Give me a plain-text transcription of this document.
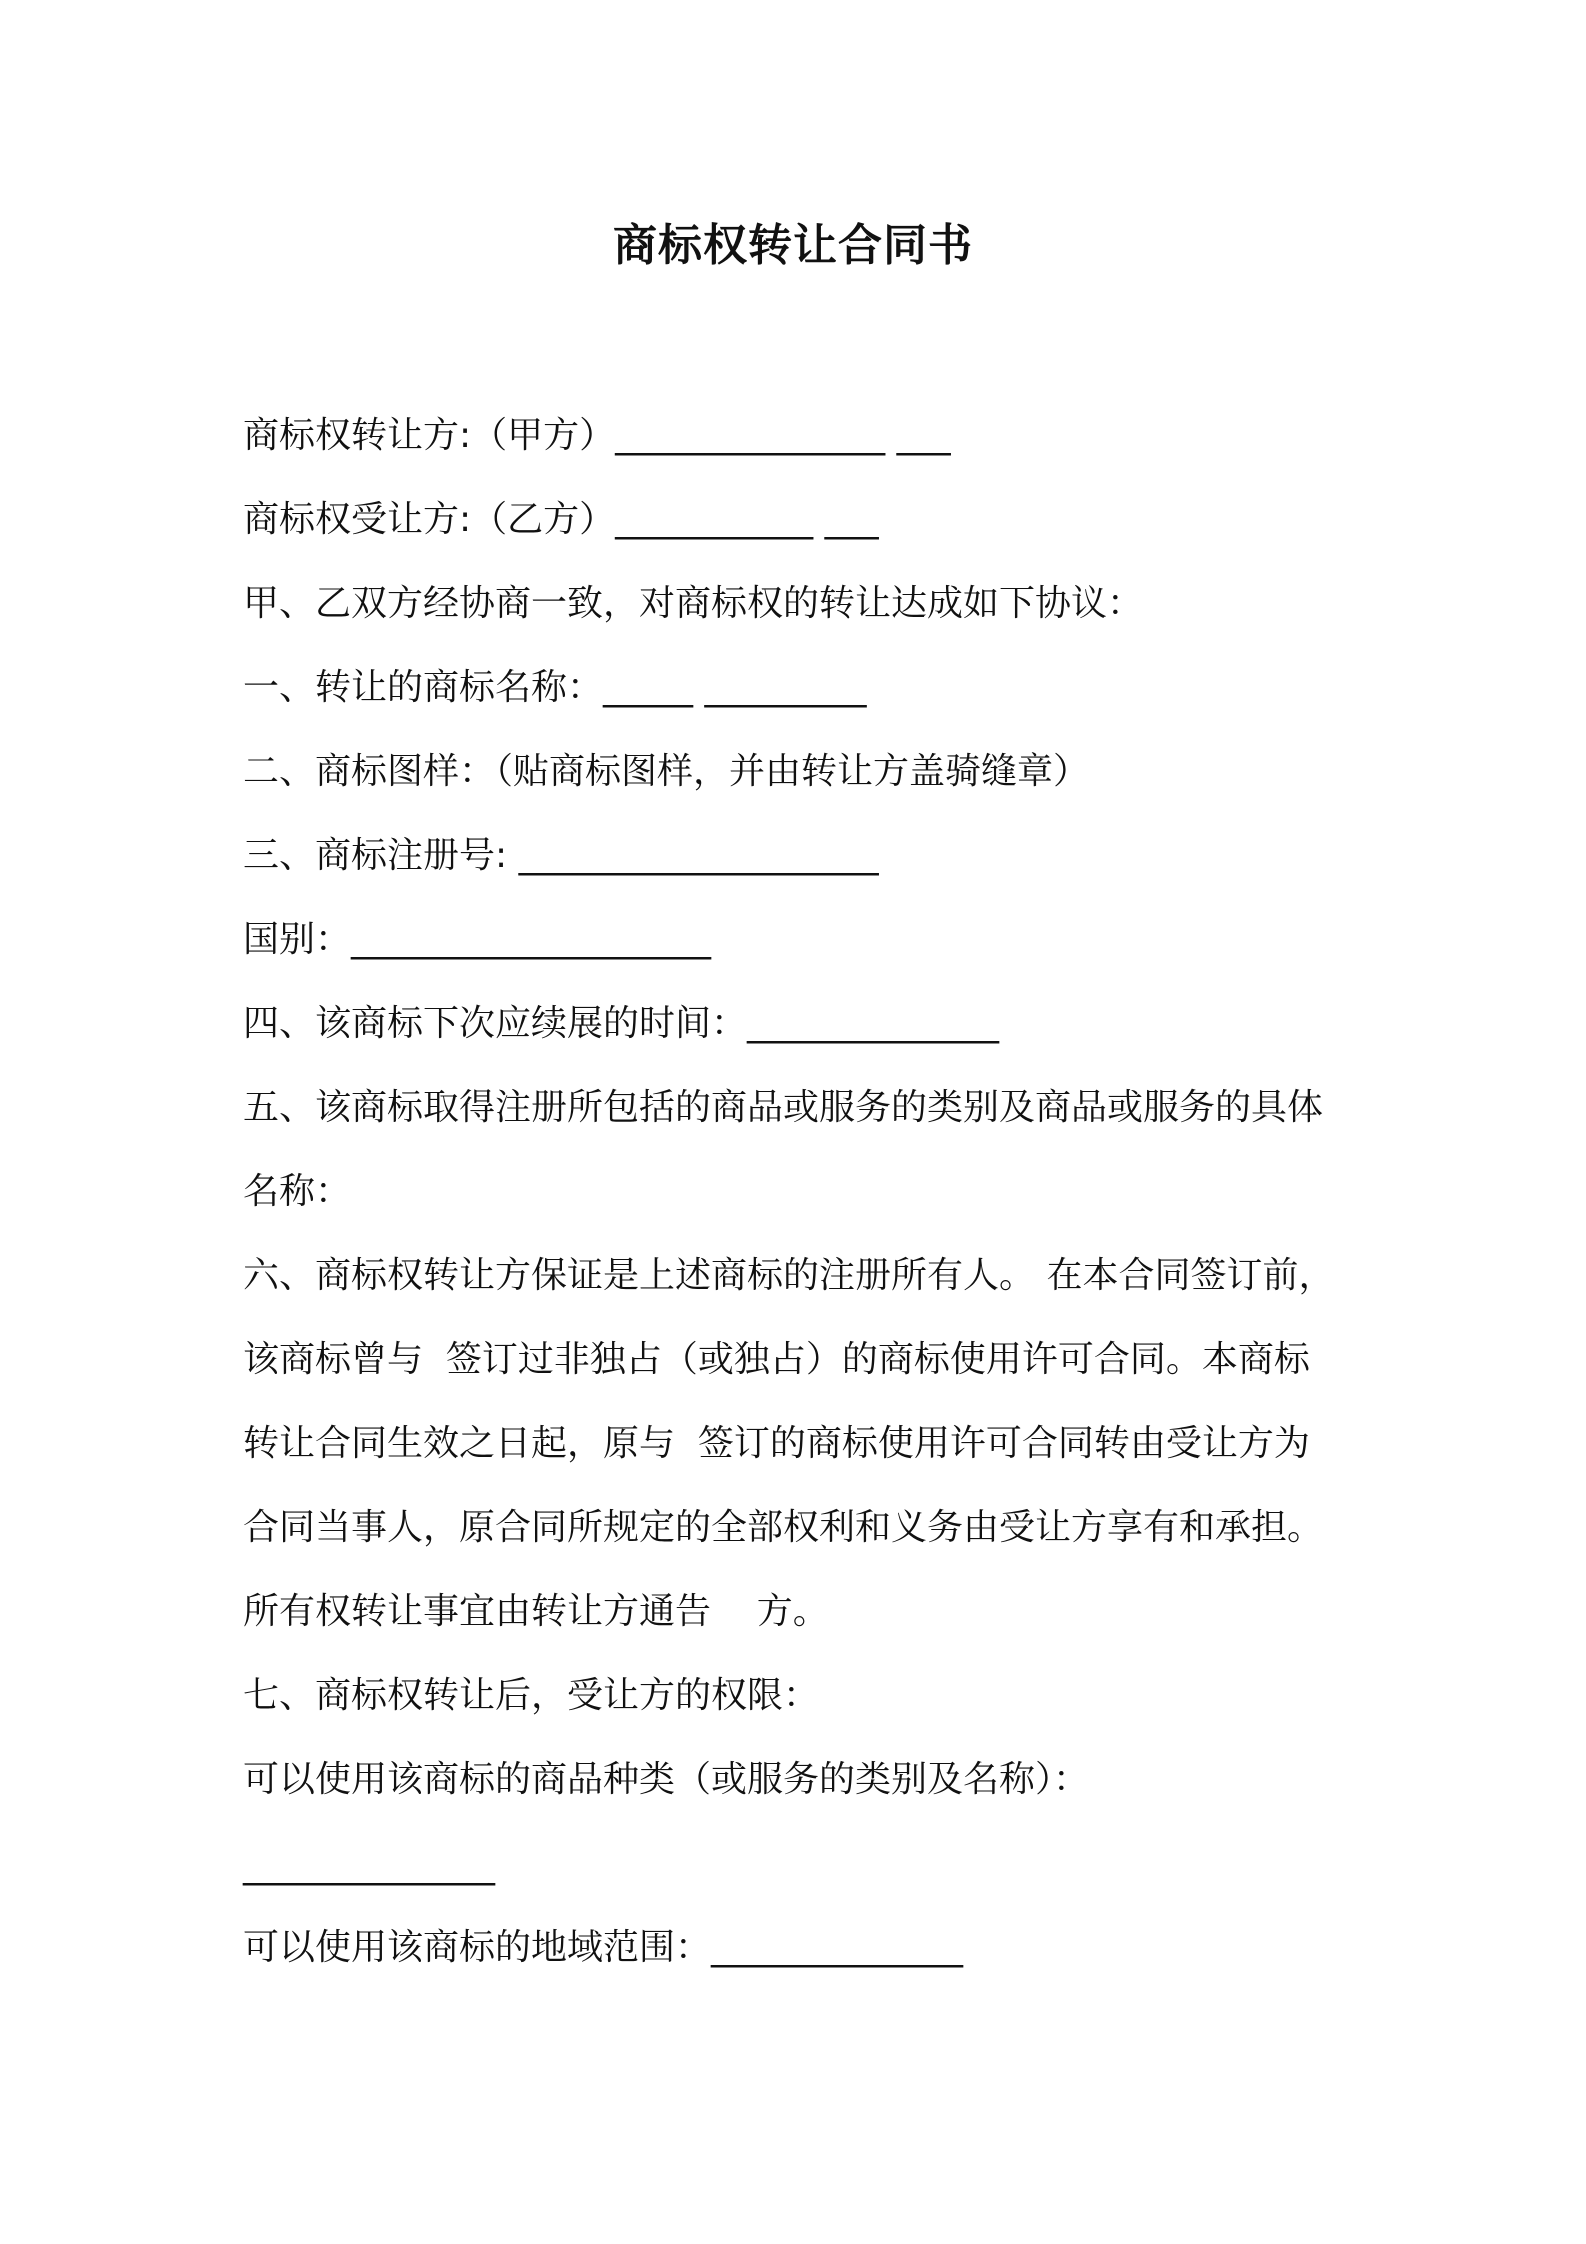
商标权转让合同书
商标权转让方:（甲方）_______________ ___
商标权受让方:（乙方）___________ ___
甲、乙双方经协商一致，对商标权的转让达成如下协议：
一、转让的商标名称：_____ _________
二、商标图样：（贴商标图样，并由转让方盖骑缝章）
三、商标注册号: ____________________
国别：____________________
四、该商标下次应续展的时间：______________
五、该商标取得注册所包括的商品或服务的类别及商品或服务的具体
名称：
六、商标权转让方保证是上述商标的注册所有人。 在本合同签订前，
该商标曾与  签订过非独占（或独占）的商标使用许可合同。本商标
转让合同生效之日起，原与  签订的商标使用许可合同转由受让方为
合同当事人，原合同所规定的全部权利和义务由受让方享有和承担。
所有权转让事宜由转让方通告    方。
七、商标权转让后，受让方的权限：
可以使用该商标的商品种类（或服务的类别及名称）：
______________
可以使用该商标的地域范围：______________
